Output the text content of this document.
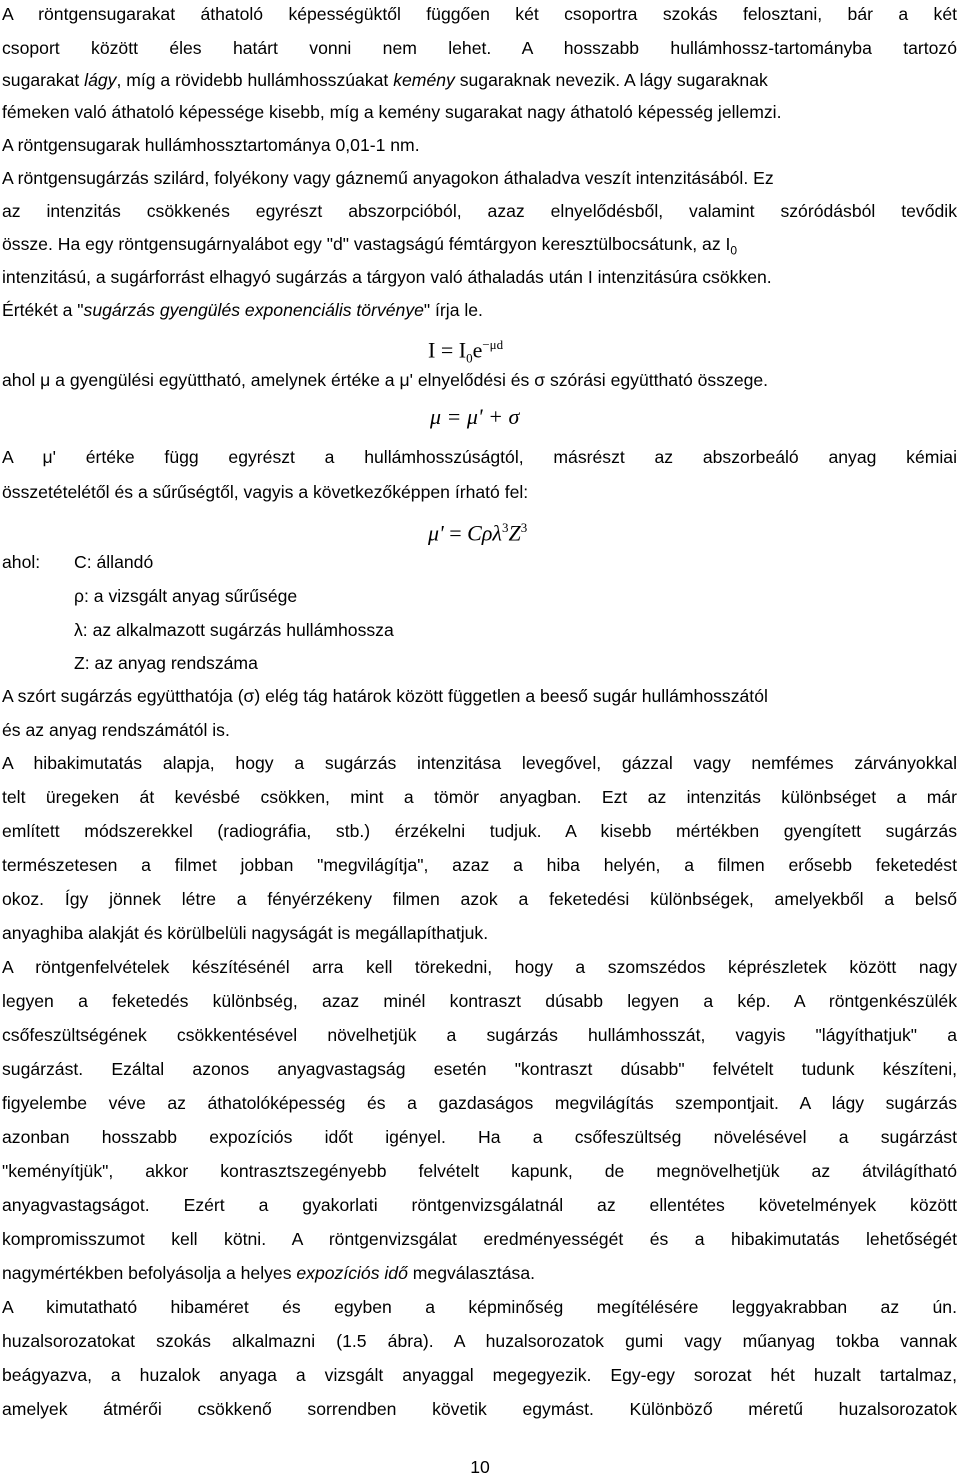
A röntgensugarakat áthatoló képességüktől függően két csoportra szokás felosztani, bár a két

csoport között éles határt vonni nem lehet. A hosszabb hullámhossz-tartományba tartozó

sugarakat lágy, míg a rövidebb hullámhosszúakat kemény sugaraknak nevezik. A lágy sugaraknak

fémeken való áthatoló képessége kisebb, míg a kemény sugarakat nagy áthatoló képesség jellemzi.

A röntgensugarak hullámhossztartománya 0,01-1 nm.

A röntgensugárzás szilárd, folyékony vagy gáznemű anyagokon áthaladva veszít intenzitásából. Ez

az intenzitás csökkenés egyrészt abszorpcióból, azaz elnyelődésből, valamint szóródásból tevődik

össze. Ha egy röntgensugárnyalábot egy "d" vastagságú fémtárgyon keresztülbocsátunk, az $I_0$

intenzitású, a sugárforrást elhagyó sugárzás a tárgyon való áthaladás után I intenzitásúra csökken.

Értékét a "sugárzás gyengülés exponenciális törvénye" írja le.

$I = I_0e^{-\mu d}$

ahol μ a gyengülési együttható, amelynek értéke a μ' elnyelődési és σ szórási együttható összege.

μ = μ' + σ

A μ' értéke függ egyrészt a hullámhosszúságtól, másrészt az abszorbeáló anyag kémiai

összetételétől és a sűrűségtől, vagyis a következőképpen írható fel:

$\mu' = C\rho\lambda^3Z^3$
ahol: C: állandó
ρ: a vizsgált anyag sűrűsége
λ: az alkalmazott sugárzás hullámhossza
Z: az anyag rendszáma

A szórt sugárzás együtthatója (σ) elég tág határok között független a beeső sugár hullámhosszától

és az anyag rendszámától is.

A hibakimutatás alapja, hogy a sugárzás intenzitása levegővel, gázzal vagy nemfémes zárványokkal

telt üregeken át kevésbé csökken, mint a tömör anyagban. Ezt az intenzitás különbséget a már

említett módszerekkel (radiográfia, stb.) érzékelni tudjuk. A kisebb mértékben gyengített sugárzás

természetesen a filmet jobban "megvilágítja", azaz a hiba helyén, a filmen erősebb feketedést

okoz. Így jönnek létre a fényérzékeny filmen azok a feketedési különbségek, amelyekből a belső

anyaghiba alakját és körülbelüli nagyságát is megállapíthatjuk.

A röntgenfelvételek készítésénél arra kell törekedni, hogy a szomszédos képrészletek között nagy

legyen a feketedés különbség, azaz minél kontraszt dúsabb legyen a kép. A röntgenkészülék

csőfeszültségének csökkentésével növelhetjük a sugárzás hullámhosszát, vagyis "lágyíthatjuk" a

sugárzást. Ezáltal azonos anyagvastagság esetén "kontraszt dúsabb" felvételt tudunk készíteni,

figyelembe véve az áthatolóképesség és a gazdaságos megvilágítás szempontjait. A lágy sugárzás

azonban hosszabb expozíciós időt igényel. Ha a csőfeszültség növelésével a sugárzást

"keményítjük", akkor kontrasztszegényebb felvételt kapunk, de megnövelhetjük az átvilágítható

anyagvastagságot. Ezért a gyakorlati röntgenvizsgálatnál az ellentétes követelmények között

kompromisszumot kell kötni. A röntgenvizsgálat eredményességét és a hibakimutatás lehetőségét

nagymértékben befolyásolja a helyes expozíciós idő megválasztása.

A kimutatható hibaméret és egyben a képminőség megítélésére leggyakrabban az ún.

huzalsorozatokat szokás alkalmazni (1.5 ábra). A huzalsorozatok gumi vagy műanyag tokba vannak

beágyazva, a huzalok anyaga a vizsgált anyaggal megegyezik. Egy-egy sorozat hét huzalt tartalmaz,

amelyek átmérői csökkenő sorrendben követik egymást. Különböző méretű huzalsorozatok

10
